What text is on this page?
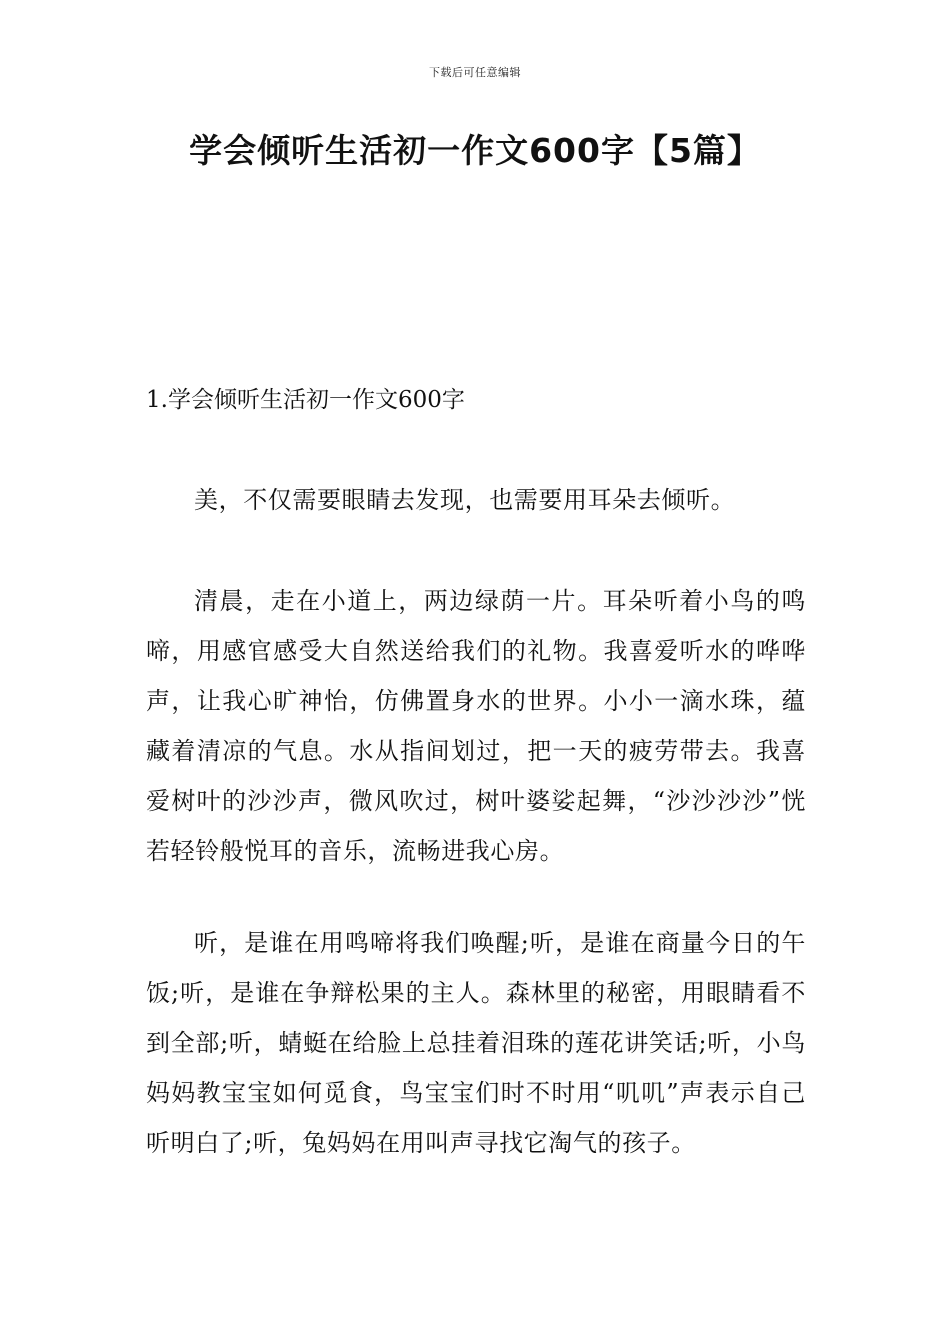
下载后可任意编辑
学会倾听生活初一作文600字【5篇】
1.学会倾听生活初一作文600字

美，不仅需要眼睛去发现，也需要用耳朵去倾听。

清晨，走在小道上，两边绿荫一片。耳朵听着小鸟的鸣啼，用感官感受大自然送给我们的礼物。我喜爱听水的哗哗声，让我心旷神怡，仿佛置身水的世界。小小一滴水珠，蕴藏着清凉的气息。水从指间划过，把一天的疲劳带去。我喜爱树叶的沙沙声，微风吹过，树叶婆娑起舞，“沙沙沙沙”恍若轻铃般悦耳的音乐，流畅进我心房。

听，是谁在用鸣啼将我们唤醒;听，是谁在商量今日的午饭;听，是谁在争辩松果的主人。森林里的秘密，用眼睛看不到全部;听，蜻蜓在给脸上总挂着泪珠的莲花讲笑话;听，小鸟妈妈教宝宝如何觅食，鸟宝宝们时不时用“叽叽”声表示自己听明白了;听，兔妈妈在用叫声寻找它淘气的孩子。
